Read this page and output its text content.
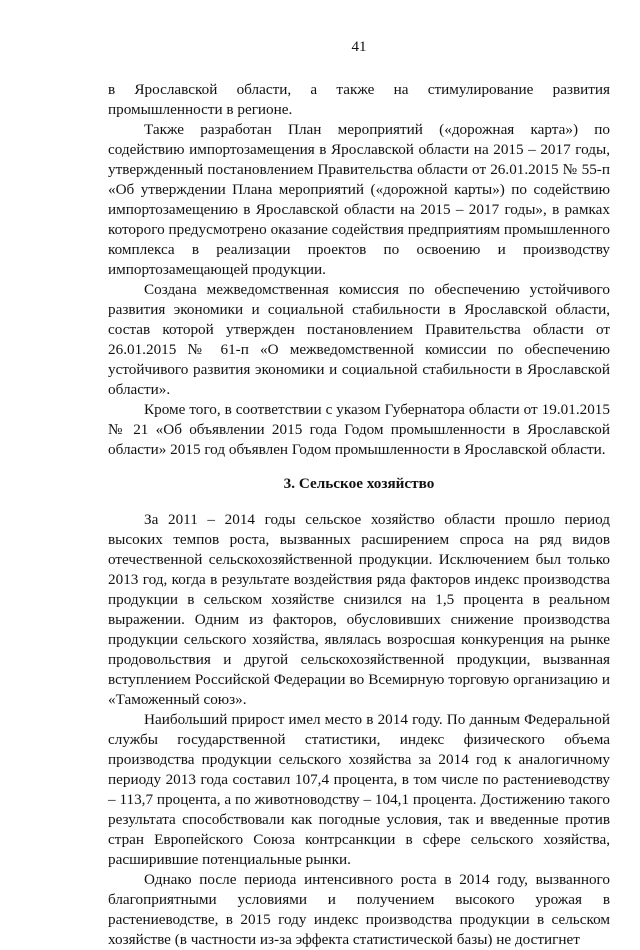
41

в Ярославской области, а также на стимулирование развития промышленности в регионе.

Также разработан План мероприятий («дорожная карта») по содействию импортозамещения в Ярославской области на 2015 – 2017 годы, утвержденный постановлением Правительства области от 26.01.2015 № 55-п «Об утверждении Плана мероприятий («дорожной карты») по содействию импортозамещению в Ярославской области на 2015 – 2017 годы», в рамках которого предусмотрено оказание содействия предприятиям промышленного комплекса в реализации проектов по освоению и производству импортозамещающей продукции.

Создана межведомственная комиссия по обеспечению устойчивого развития экономики и социальной стабильности в Ярославской области, состав которой утвержден постановлением Правительства области от 26.01.2015 № 61-п «О межведомственной комиссии по обеспечению устойчивого развития экономики и социальной стабильности в Ярославской области».

Кроме того, в соответствии с указом Губернатора области от 19.01.2015 № 21 «Об объявлении 2015 года Годом промышленности в Ярославской области» 2015 год объявлен Годом промышленности в Ярославской области.

3. Сельское хозяйство

За 2011 – 2014 годы сельское хозяйство области прошло период высоких темпов роста, вызванных расширением спроса на ряд видов отечественной сельскохозяйственной продукции. Исключением был только 2013 год, когда в результате воздействия ряда факторов индекс производства продукции в сельском хозяйстве снизился на 1,5 процента в реальном выражении. Одним из факторов, обусловивших снижение производства продукции сельского хозяйства, являлась возросшая конкуренция на рынке продовольствия и другой сельскохозяйственной продукции, вызванная вступлением Российской Федерации во Всемирную торговую организацию и «Таможенный союз».

Наибольший прирост имел место в 2014 году. По данным Федеральной службы государственной статистики, индекс физического объема производства продукции сельского хозяйства за 2014 год к аналогичному периоду 2013 года составил 107,4 процента, в том числе по растениеводству – 113,7 процента, а по животноводству – 104,1 процента. Достижению такого результата способствовали как погодные условия, так и введенные против стран Европейского Союза контрсанкции в сфере сельского хозяйства, расширившие потенциальные рынки.

Однако после периода интенсивного роста в 2014 году, вызванного благоприятными условиями и получением высокого урожая в растениеводстве, в 2015 году индекс производства продукции в сельском хозяйстве (в частности из-за эффекта статистической базы) не достигнет
